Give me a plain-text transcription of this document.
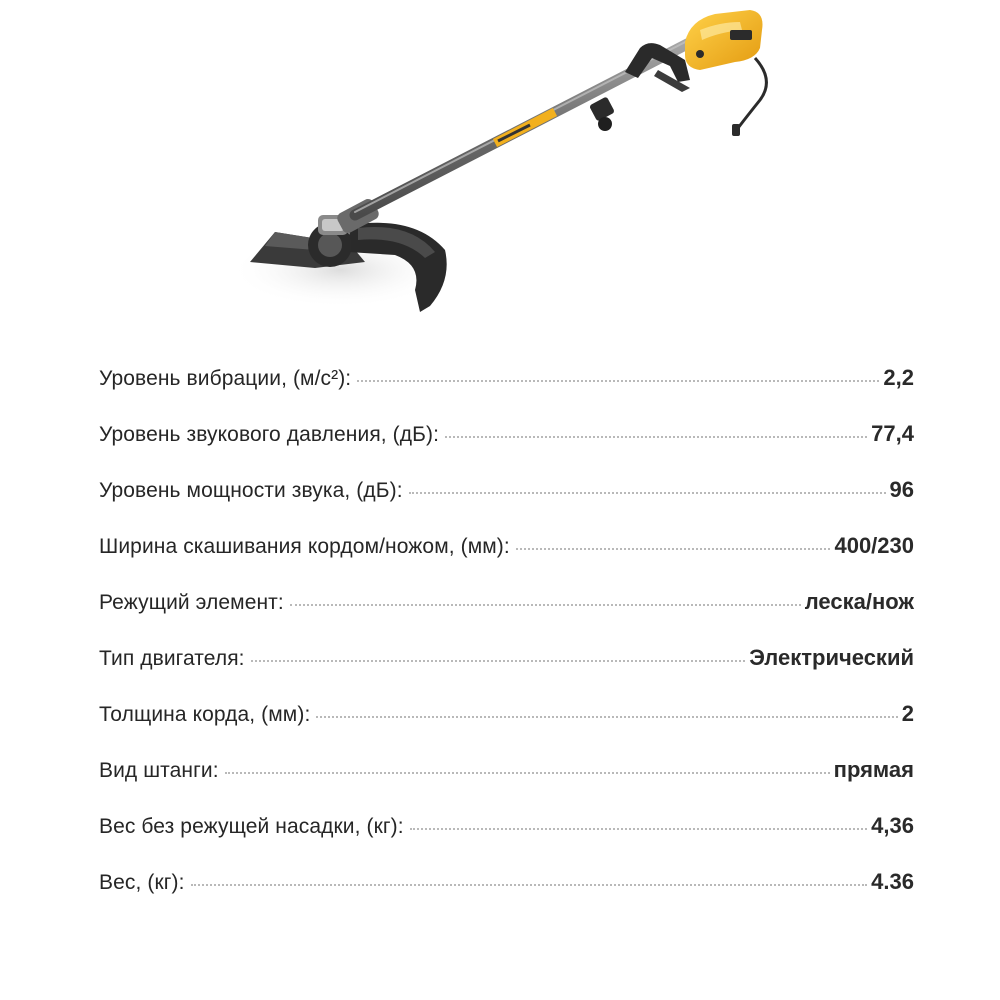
Уровень вибрации, (м/с²):	2,2
Уровень звукового давления, (дБ):	77,4
Уровень мощности звука, (дБ):	96
Ширина скашивания кордом/ножом, (мм):	400/230
Режущий элемент:	леска/нож
Тип двигателя:	Электрический
Толщина корда, (мм):	2
Вид штанги:	прямая
Вес без режущей насадки, (кг):	4,36
Вес, (кг):	4.36
